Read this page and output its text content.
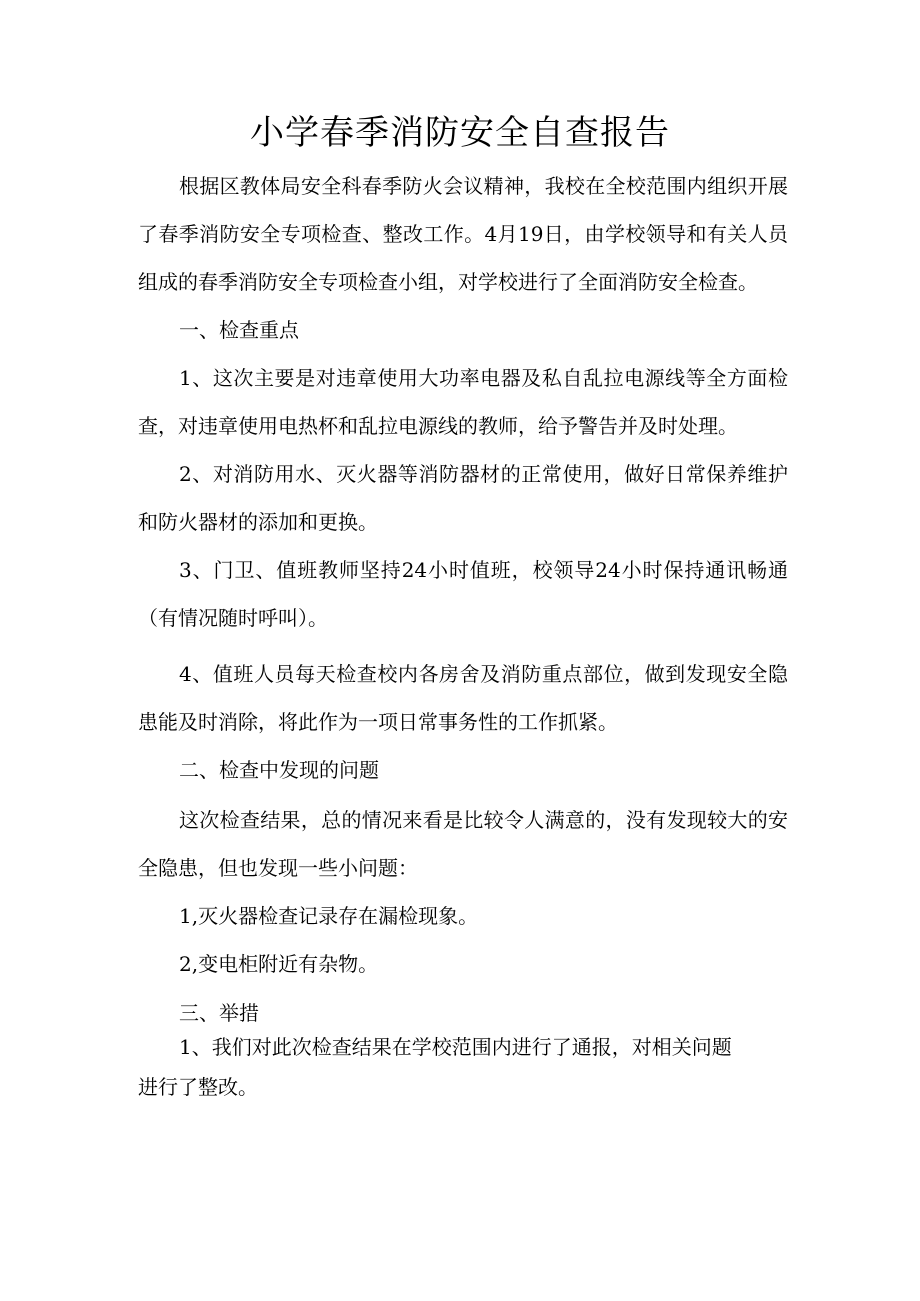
小学春季消防安全自查报告

根据区教体局安全科春季防火会议精神，我校在全校范围内组织开展了春季消防安全专项检查、整改工作。4月19日，由学校领导和有关人员组成的春季消防安全专项检查小组，对学校进行了全面消防安全检查。

一、检查重点

1、这次主要是对违章使用大功率电器及私自乱拉电源线等全方面检查，对违章使用电热杯和乱拉电源线的教师，给予警告并及时处理。

2、对消防用水、灭火器等消防器材的正常使用，做好日常保养维护和防火器材的添加和更换。

3、门卫、值班教师坚持24小时值班，校领导24小时保持通讯畅通（有情况随时呼叫）。

4、值班人员每天检查校内各房舍及消防重点部位，做到发现安全隐患能及时消除，将此作为一项日常事务性的工作抓紧。

二、检查中发现的问题

这次检查结果，总的情况来看是比较令人满意的，没有发现较大的安全隐患，但也发现一些小问题：

1,灭火器检查记录存在漏检现象。

2,变电柜附近有杂物。

三、举措

1、我们对此次检查结果在学校范围内进行了通报，对相关问题

进行了整改。
